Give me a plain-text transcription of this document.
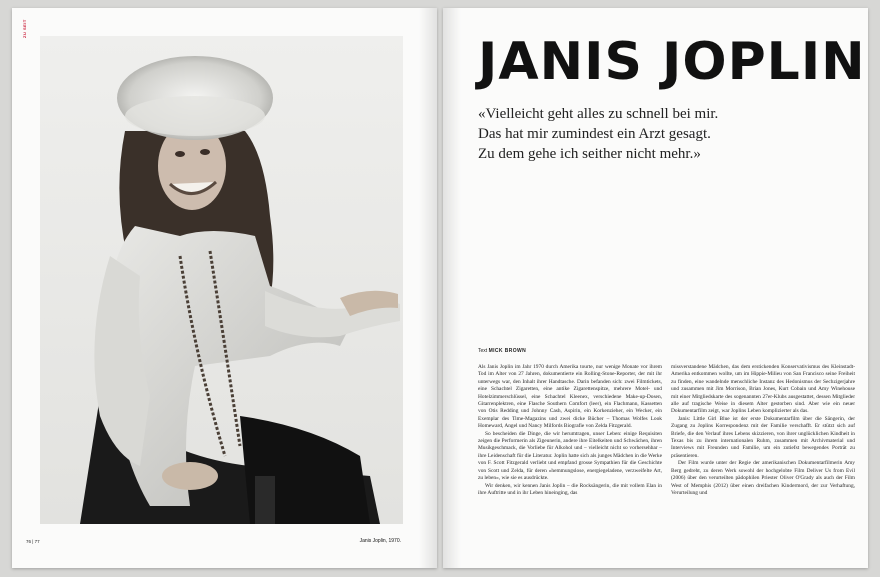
ZU SEIT
76 | 77	Janis Joplin, 1970.
JANIS JOPLIN
«Vielleicht geht alles zu schnell bei mir.
Das hat mir zumindest ein Arzt gesagt.
Zu dem gehe ich seither nicht mehr.»
Text MICK BROWN

Als Janis Joplin im Jahr 1970 durch Amerika tourte, nur wenige Monate vor ihrem Tod im Alter von 27 Jahren, dokumentierte ein Rolling-Stone-Reporter, der mit ihr unterwegs war, den Inhalt ihrer Handtasche. Darin befanden sich: zwei Filmtickets, eine Schachtel Zigaretten, eine antike Zigarettenspitze, mehrere Motel- und Hotelzimmerschlüssel, eine Schachtel Kleenex, verschiedene Make-up-Dosen, Gitarrenplektren, eine Flasche Southern Comfort (leer), ein Flachmann, Kassetten von Otis Redding und Johnny Cash, Aspirin, ein Korkenzieher, ein Wecker, ein Exemplar des Time-Magazins und zwei dicke Bücher – Thomas Wolfes Look Homeward, Angel und Nancy Milfords Biografie von Zelda Fitzgerald.

So bescheiden die Dinge, die wir herumtragen, unser Leben: einige Requisiten zeigen die Performerin als Zigeunerin, andere ihre Eitelkeiten und Schwächen, ihren Musikgeschmack, die Vorliebe für Alkohol und – vielleicht nicht so vorhersehbar – ihre Leidenschaft für die Literatur. Joplin hatte sich als junges Mädchen in die Werke von F. Scott Fitzgerald verliebt und empfand grosse Sympathien für die Geschichte von Scott und Zelda, für deren «hemmungslose, energiegeladene, verzweifelte Art, zu leben», wie sie es ausdrückte.

Wir denken, wir kennen Janis Joplin – die Rocksängerin, die mit vollem Elan in ihre Auftritte und in ihr Leben hineinging, das

missverstandene Mädchen, das dem erstickenden Konservativismus des Kleinstadt-Amerika entkommen wollte, um im Hippie-Milieu von San Francisco seine Freiheit zu finden, eine wandelnde menschliche Instanz des Hedonismus der Sechzigerjahre und zusammen mit Jim Morrison, Brian Jones, Kurt Cobain und Amy Winehouse mit einer Mitgliedskarte des sogenannten 27er-Klubs ausgestattet, dessen Mitglieder alle auf tragische Weise in diesem Alter gestorben sind. Aber wie ein neuer Dokumentarfilm zeigt, war Joplins Leben komplizierter als das.

Janis: Little Girl Blue ist der erste Dokumentarfilm über die Sängerin, der Zugang zu Joplins Korrespondenz mit der Familie verschafft. Er stützt sich auf Briefe, die den Verlauf ihres Lebens skizzieren, von ihrer unglücklichen Kindheit in Texas bis zu ihrem internationalen Ruhm, zusammen mit Archivmaterial und Interviews mit Freunden und Familie, um ein zutiefst bewegendes Porträt zu präsentieren.

Der Film wurde unter der Regie der amerikanischen Dokumentarfilmerin Amy Berg gedreht, zu deren Werk sowohl der hochgelobte Film Deliver Us from Evil (2006) über den verurteilten pädophilen Priester Oliver O'Grady als auch der Film West of Memphis (2012) über einen dreifachen Kindermord, der zur Verhaftung, Verurteilung und
